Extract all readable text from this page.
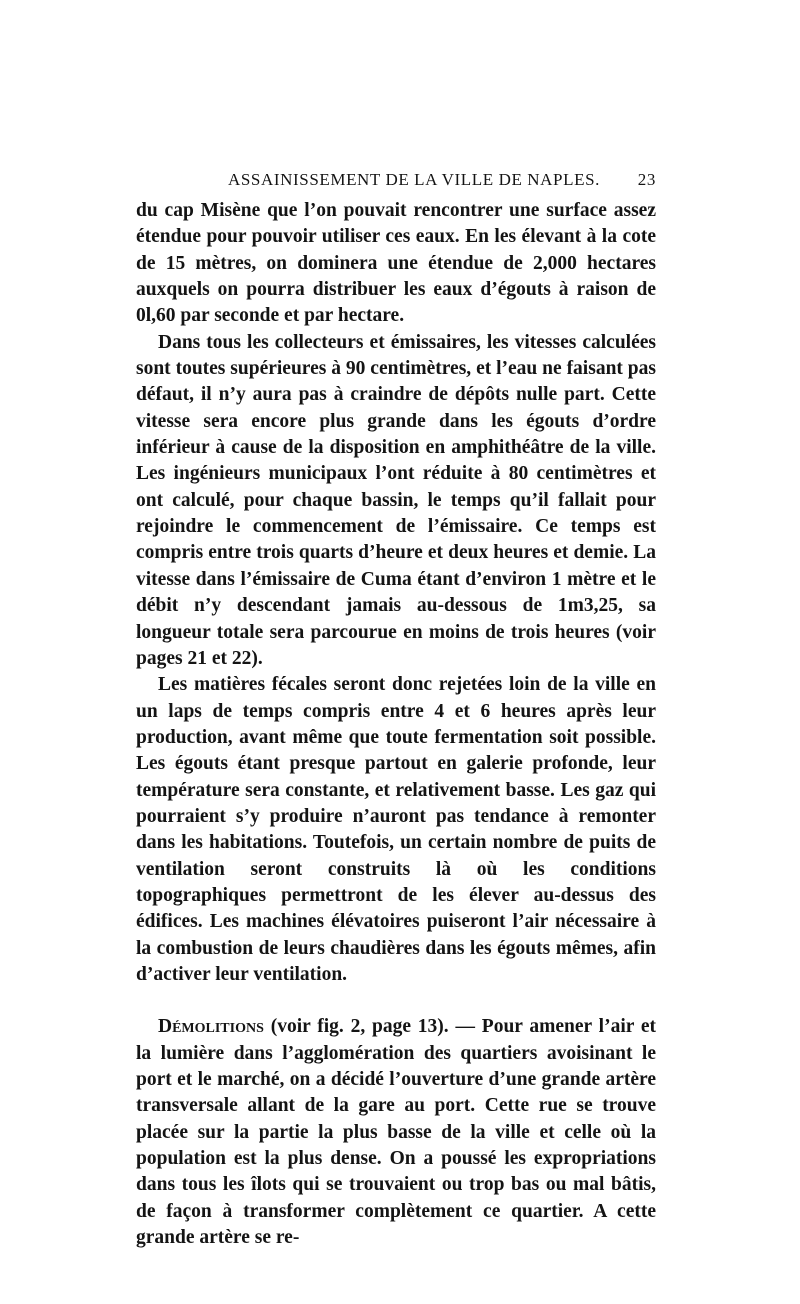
ASSAINISSEMENT DE LA VILLE DE NAPLES. 23

du cap Misène que l’on pouvait rencontrer une surface assez étendue pour pouvoir utiliser ces eaux. En les élevant à la cote de 15 mètres, on dominera une étendue de 2,000 hectares auxquels on pourra distribuer les eaux d’égouts à raison de 0l,60 par seconde et par hectare.

Dans tous les collecteurs et émissaires, les vitesses calculées sont toutes supérieures à 90 centimètres, et l’eau ne faisant pas défaut, il n’y aura pas à craindre de dépôts nulle part. Cette vitesse sera encore plus grande dans les égouts d’ordre inférieur à cause de la disposition en amphithéâtre de la ville. Les ingénieurs municipaux l’ont réduite à 80 centimètres et ont calculé, pour chaque bassin, le temps qu’il fallait pour rejoindre le commencement de l’émissaire. Ce temps est compris entre trois quarts d’heure et deux heures et demie. La vitesse dans l’émissaire de Cuma étant d’environ 1 mètre et le débit n’y descendant jamais au-dessous de 1m3,25, sa longueur totale sera parcourue en moins de trois heures (voir pages 21 et 22).

Les matières fécales seront donc rejetées loin de la ville en un laps de temps compris entre 4 et 6 heures après leur production, avant même que toute fermentation soit possible. Les égouts étant presque partout en galerie profonde, leur température sera constante, et relativement basse. Les gaz qui pourraient s’y produire n’auront pas tendance à remonter dans les habitations. Toutefois, un certain nombre de puits de ventilation seront construits là où les conditions topographiques permettront de les élever au-dessus des édifices. Les machines élévatoires puiseront l’air nécessaire à la combustion de leurs chaudières dans les égouts mêmes, afin d’activer leur ventilation.

Démolitions (voir fig. 2, page 13). — Pour amener l’air et la lumière dans l’agglomération des quartiers avoisinant le port et le marché, on a décidé l’ouverture d’une grande artère transversale allant de la gare au port. Cette rue se trouve placée sur la partie la plus basse de la ville et celle où la population est la plus dense. On a poussé les expropriations dans tous les îlots qui se trouvaient ou trop bas ou mal bâtis, de façon à transformer complètement ce quartier. A cette grande artère se re-
